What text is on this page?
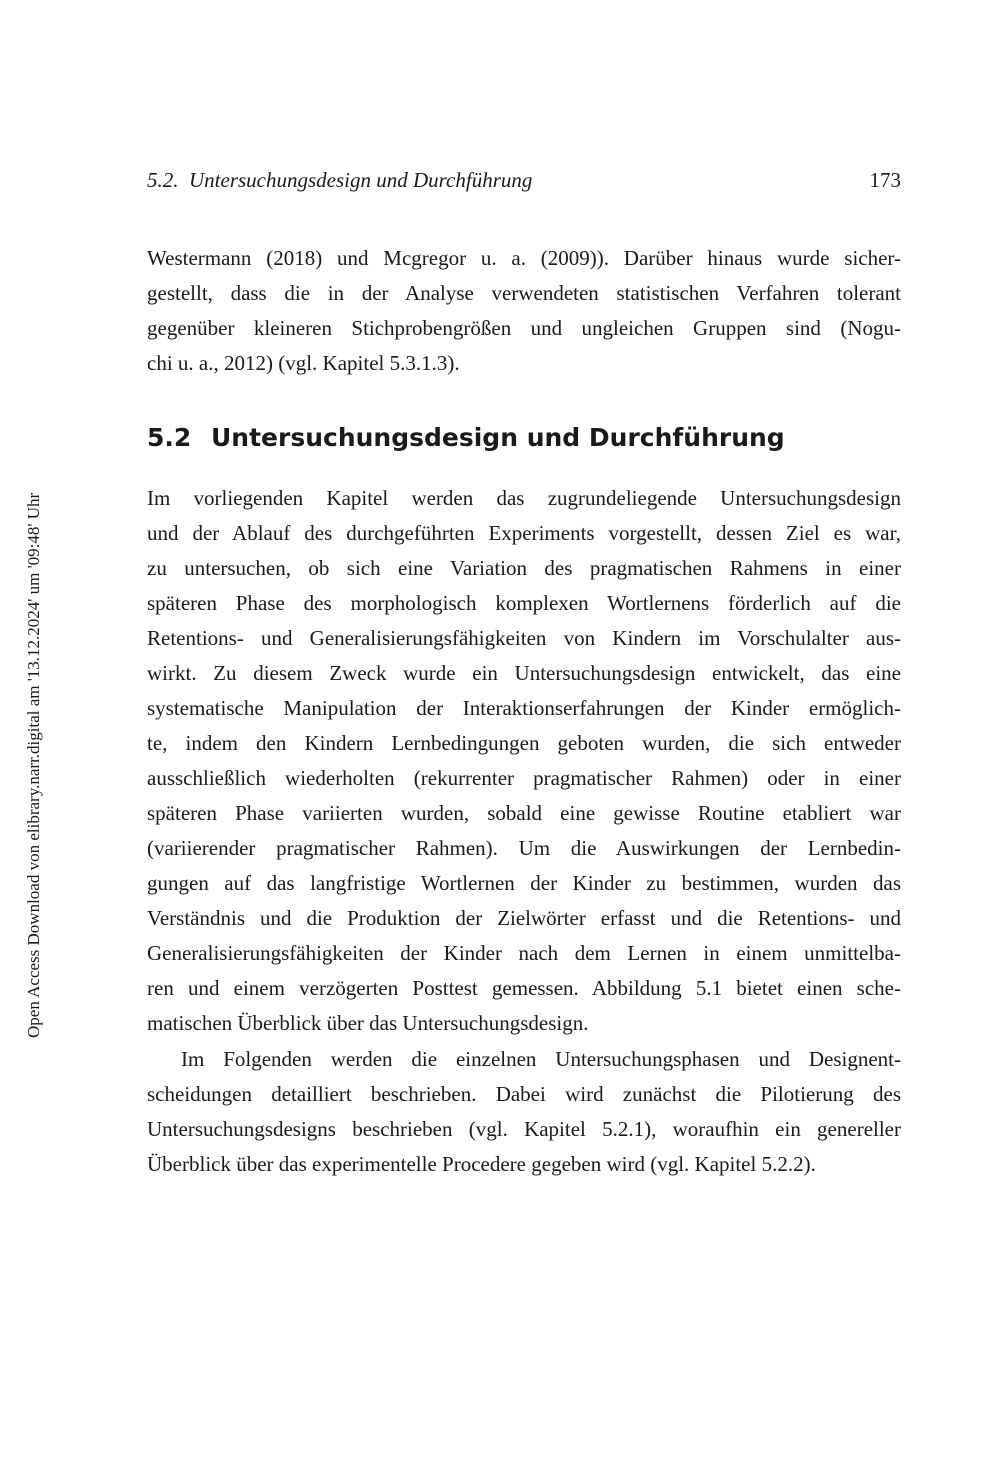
5.2.  Untersuchungsdesign und Durchführung	173
Open Access Download von elibrary.narr.digital am '13.12.2024' um '09:48' Uhr
Westermann (2018) und Mcgregor u. a. (2009)). Darüber hinaus wurde sicher-
gestellt, dass die in der Analyse verwendeten statistischen Verfahren tolerant
gegenüber kleineren Stichprobengrößen und ungleichen Gruppen sind (Nogu-
chi u. a., 2012) (vgl. Kapitel 5.3.1.3).
5.2 Untersuchungsdesign und Durchführung
Im vorliegenden Kapitel werden das zugrundeliegende Untersuchungsdesign
und der Ablauf des durchgeführten Experiments vorgestellt, dessen Ziel es war,
zu untersuchen, ob sich eine Variation des pragmatischen Rahmens in einer
späteren Phase des morphologisch komplexen Wortlernens förderlich auf die
Retentions- und Generalisierungsfähigkeiten von Kindern im Vorschulalter aus-
wirkt. Zu diesem Zweck wurde ein Untersuchungsdesign entwickelt, das eine
systematische Manipulation der Interaktionserfahrungen der Kinder ermöglich-
te, indem den Kindern Lernbedingungen geboten wurden, die sich entweder
ausschließlich wiederholten (rekurrenter pragmatischer Rahmen) oder in einer
späteren Phase variierten wurden, sobald eine gewisse Routine etabliert war
(variierender pragmatischer Rahmen). Um die Auswirkungen der Lernbedin-
gungen auf das langfristige Wortlernen der Kinder zu bestimmen, wurden das
Verständnis und die Produktion der Zielwörter erfasst und die Retentions- und
Generalisierungsfähigkeiten der Kinder nach dem Lernen in einem unmittelba-
ren und einem verzögerten Posttest gemessen. Abbildung 5.1 bietet einen sche-
matischen Überblick über das Untersuchungsdesign.
Im Folgenden werden die einzelnen Untersuchungsphasen und Designent-
scheidungen detailliert beschrieben. Dabei wird zunächst die Pilotierung des
Untersuchungsdesigns beschrieben (vgl. Kapitel 5.2.1), woraufhin ein genereller
Überblick über das experimentelle Procedere gegeben wird (vgl. Kapitel 5.2.2).
